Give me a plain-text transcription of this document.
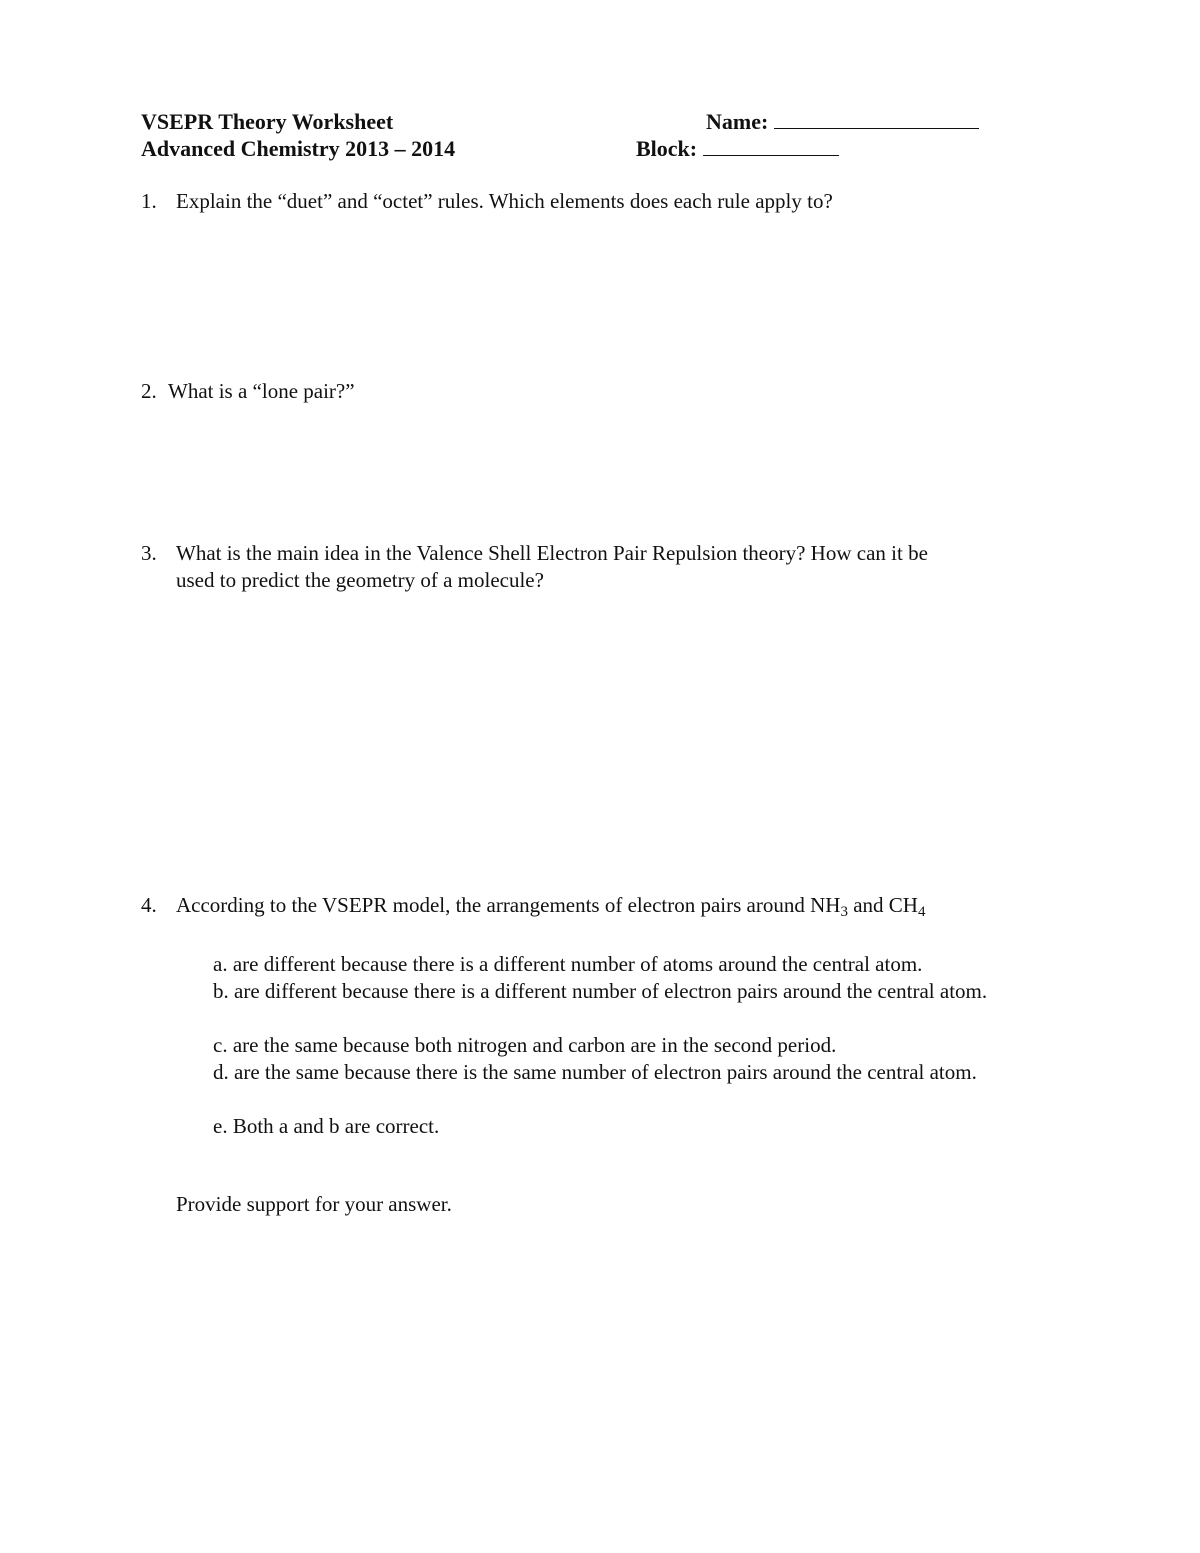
VSEPR Theory Worksheet
Advanced Chemistry 2013 – 2014
Name:
Block:
1. Explain the “duet” and “octet” rules. Which elements does each rule apply to?
2. What is a “lone pair?”
3. What is the main idea in the Valence Shell Electron Pair Repulsion theory? How can it be
used to predict the geometry of a molecule?
4. According to the VSEPR model, the arrangements of electron pairs around $NH_3$ and $CH_4$
a. are different because there is a different number of atoms around the central atom.
b. are different because there is a different number of electron pairs around the central atom.
c. are the same because both nitrogen and carbon are in the second period.
d. are the same because there is the same number of electron pairs around the central atom.
e. Both a and b are correct.
Provide support for your answer.
